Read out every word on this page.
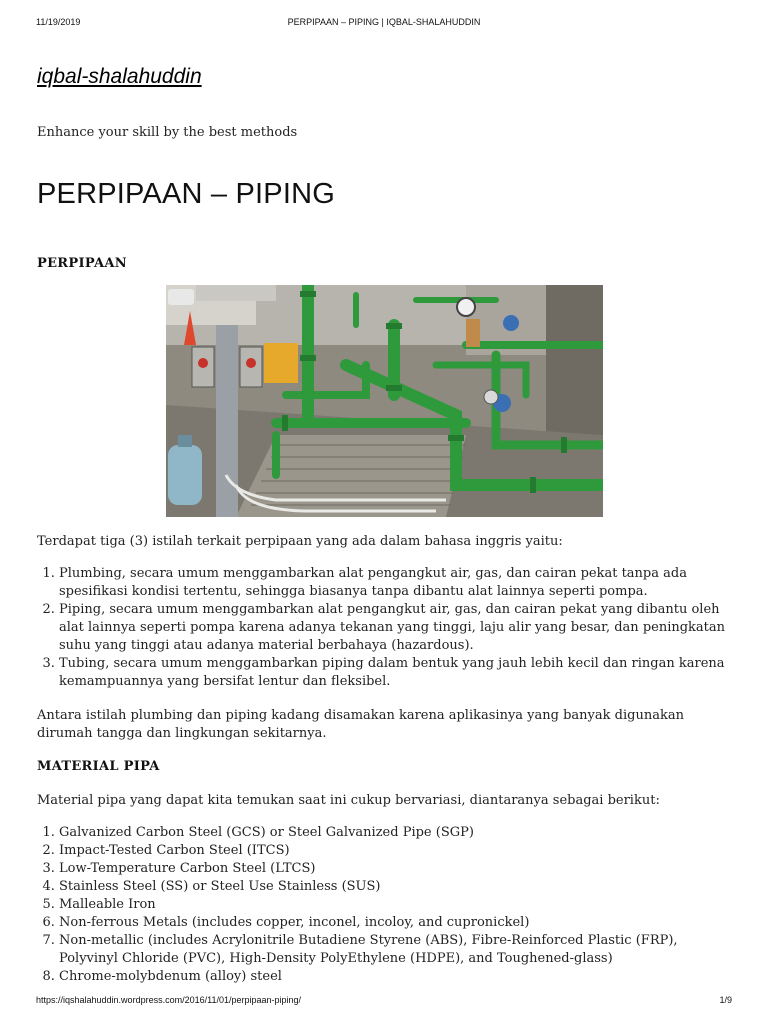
11/19/2019	PERPIPAAN – PIPING | IQBAL-SHALAHUDDIN
iqbal-shalahuddin

Enhance your skill by the best methods

PERPIPAAN – PIPING
PERPIPAAN

Terdapat tiga (3) istilah terkait perpipaan yang ada dalam bahasa inggris yaitu:

1. Plumbing, secara umum menggambarkan alat pengangkut air, gas, dan cairan pekat tanpa ada spesifikasi kondisi tertentu, sehingga biasanya tanpa dibantu alat lainnya seperti pompa.
2. Piping, secara umum menggambarkan alat pengangkut air, gas, dan cairan pekat yang dibantu oleh alat lainnya seperti pompa karena adanya tekanan yang tinggi, laju alir yang besar, dan peningkatan suhu yang tinggi atau adanya material berbahaya (hazardous).
3. Tubing, secara umum menggambarkan piping dalam bentuk yang jauh lebih kecil dan ringan karena kemampuannya yang bersifat lentur dan fleksibel.

Antara istilah plumbing dan piping kadang disamakan karena aplikasinya yang banyak digunakan dirumah tangga dan lingkungan sekitarnya.

MATERIAL PIPA

Material pipa yang dapat kita temukan saat ini cukup bervariasi, diantaranya sebagai berikut:

1. Galvanized Carbon Steel (GCS) or Steel Galvanized Pipe (SGP)
2. Impact-Tested Carbon Steel (ITCS)
3. Low-Temperature Carbon Steel (LTCS)
4. Stainless Steel (SS) or Steel Use Stainless (SUS)
5. Malleable Iron
6. Non-ferrous Metals (includes copper, inconel, incoloy, and cupronickel)
7. Non-metallic (includes Acrylonitrile Butadiene Styrene (ABS), Fibre-Reinforced Plastic (FRP), Polyvinyl Chloride (PVC), High-Density PolyEthylene (HDPE), and Toughened-glass)
8. Chrome-molybdenum (alloy) steel
https://iqshalahuddin.wordpress.com/2016/11/01/perpipaan-piping/	1/9
